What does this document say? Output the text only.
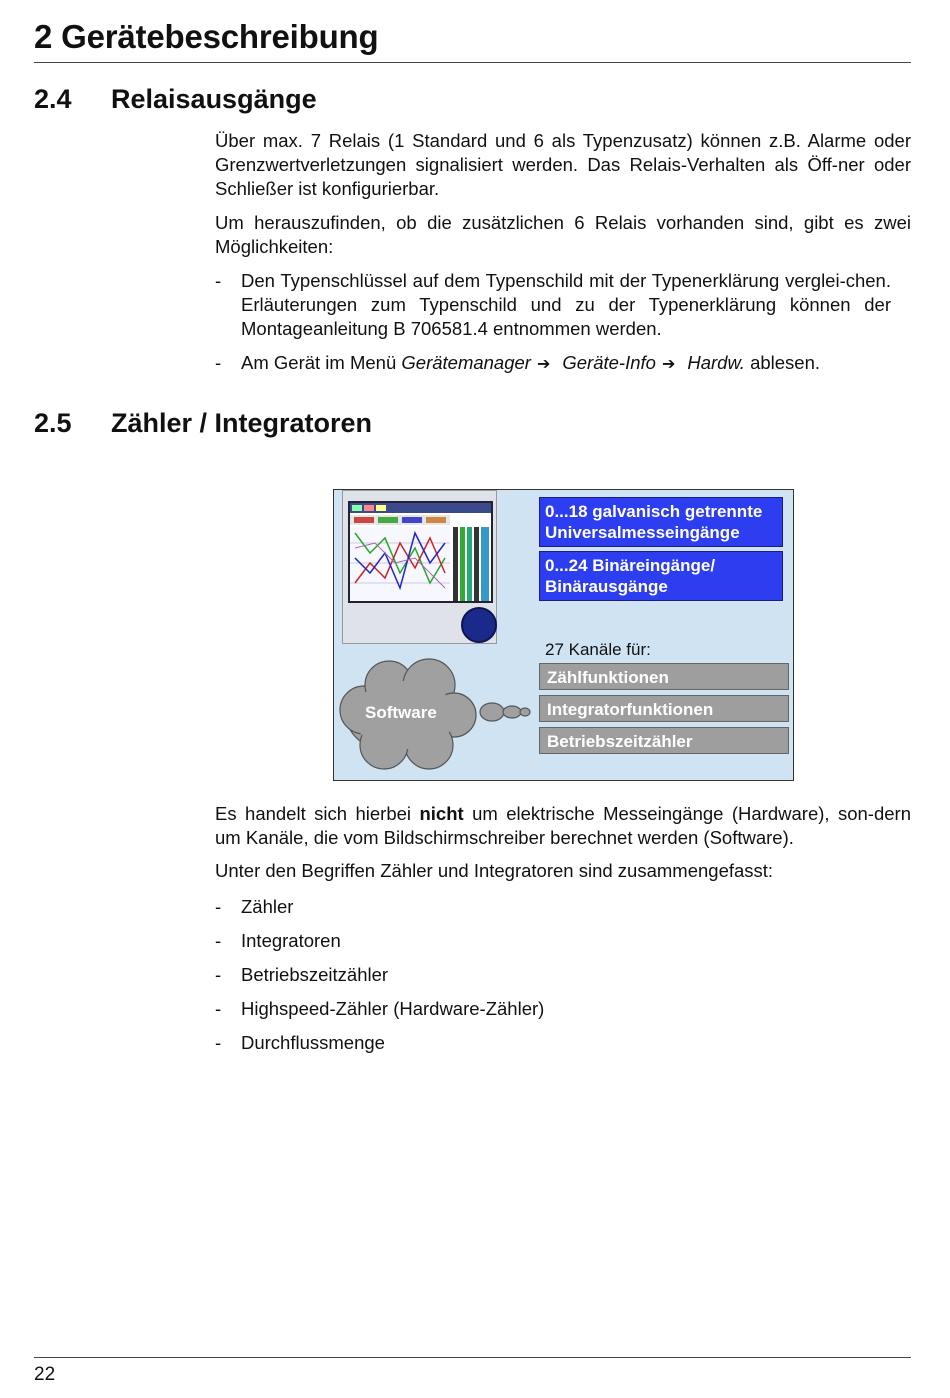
2 Gerätebeschreibung
2.4 Relaisausgänge

Über max. 7 Relais (1 Standard und 6 als Typenzusatz) können z.B. Alarme oder Grenzwertverletzungen signalisiert werden. Das Relais-Verhalten als Öff-ner oder Schließer ist konfigurierbar.

Um herauszufinden, ob die zusätzlichen 6 Relais vorhanden sind, gibt es zwei Möglichkeiten:

- Den Typenschlüssel auf dem Typenschild mit der Typenerklärung verglei-chen. Erläuterungen zum Typenschild und zu der Typenerklärung können der Montageanleitung B 706581.4 entnommen werden.
- Am Gerät im Menü Gerätemanager ➔ Geräte-Info ➔ Hardw. ablesen.
2.5 Zähler / Integratoren
0...18 galvanisch getrennte Universalmesseingänge
0...24 Binäreingänge/ Binärausgänge
27 Kanäle für:
Zählfunktionen
Integratorfunktionen
Betriebszeitzähler
Software

Es handelt sich hierbei nicht um elektrische Messeingänge (Hardware), son-dern um Kanäle, die vom Bildschirmschreiber berechnet werden (Software).

Unter den Begriffen Zähler und Integratoren sind zusammengefasst:

- Zähler
- Integratoren
- Betriebszeitzähler
- Highspeed-Zähler (Hardware-Zähler)
- Durchflussmenge
22
